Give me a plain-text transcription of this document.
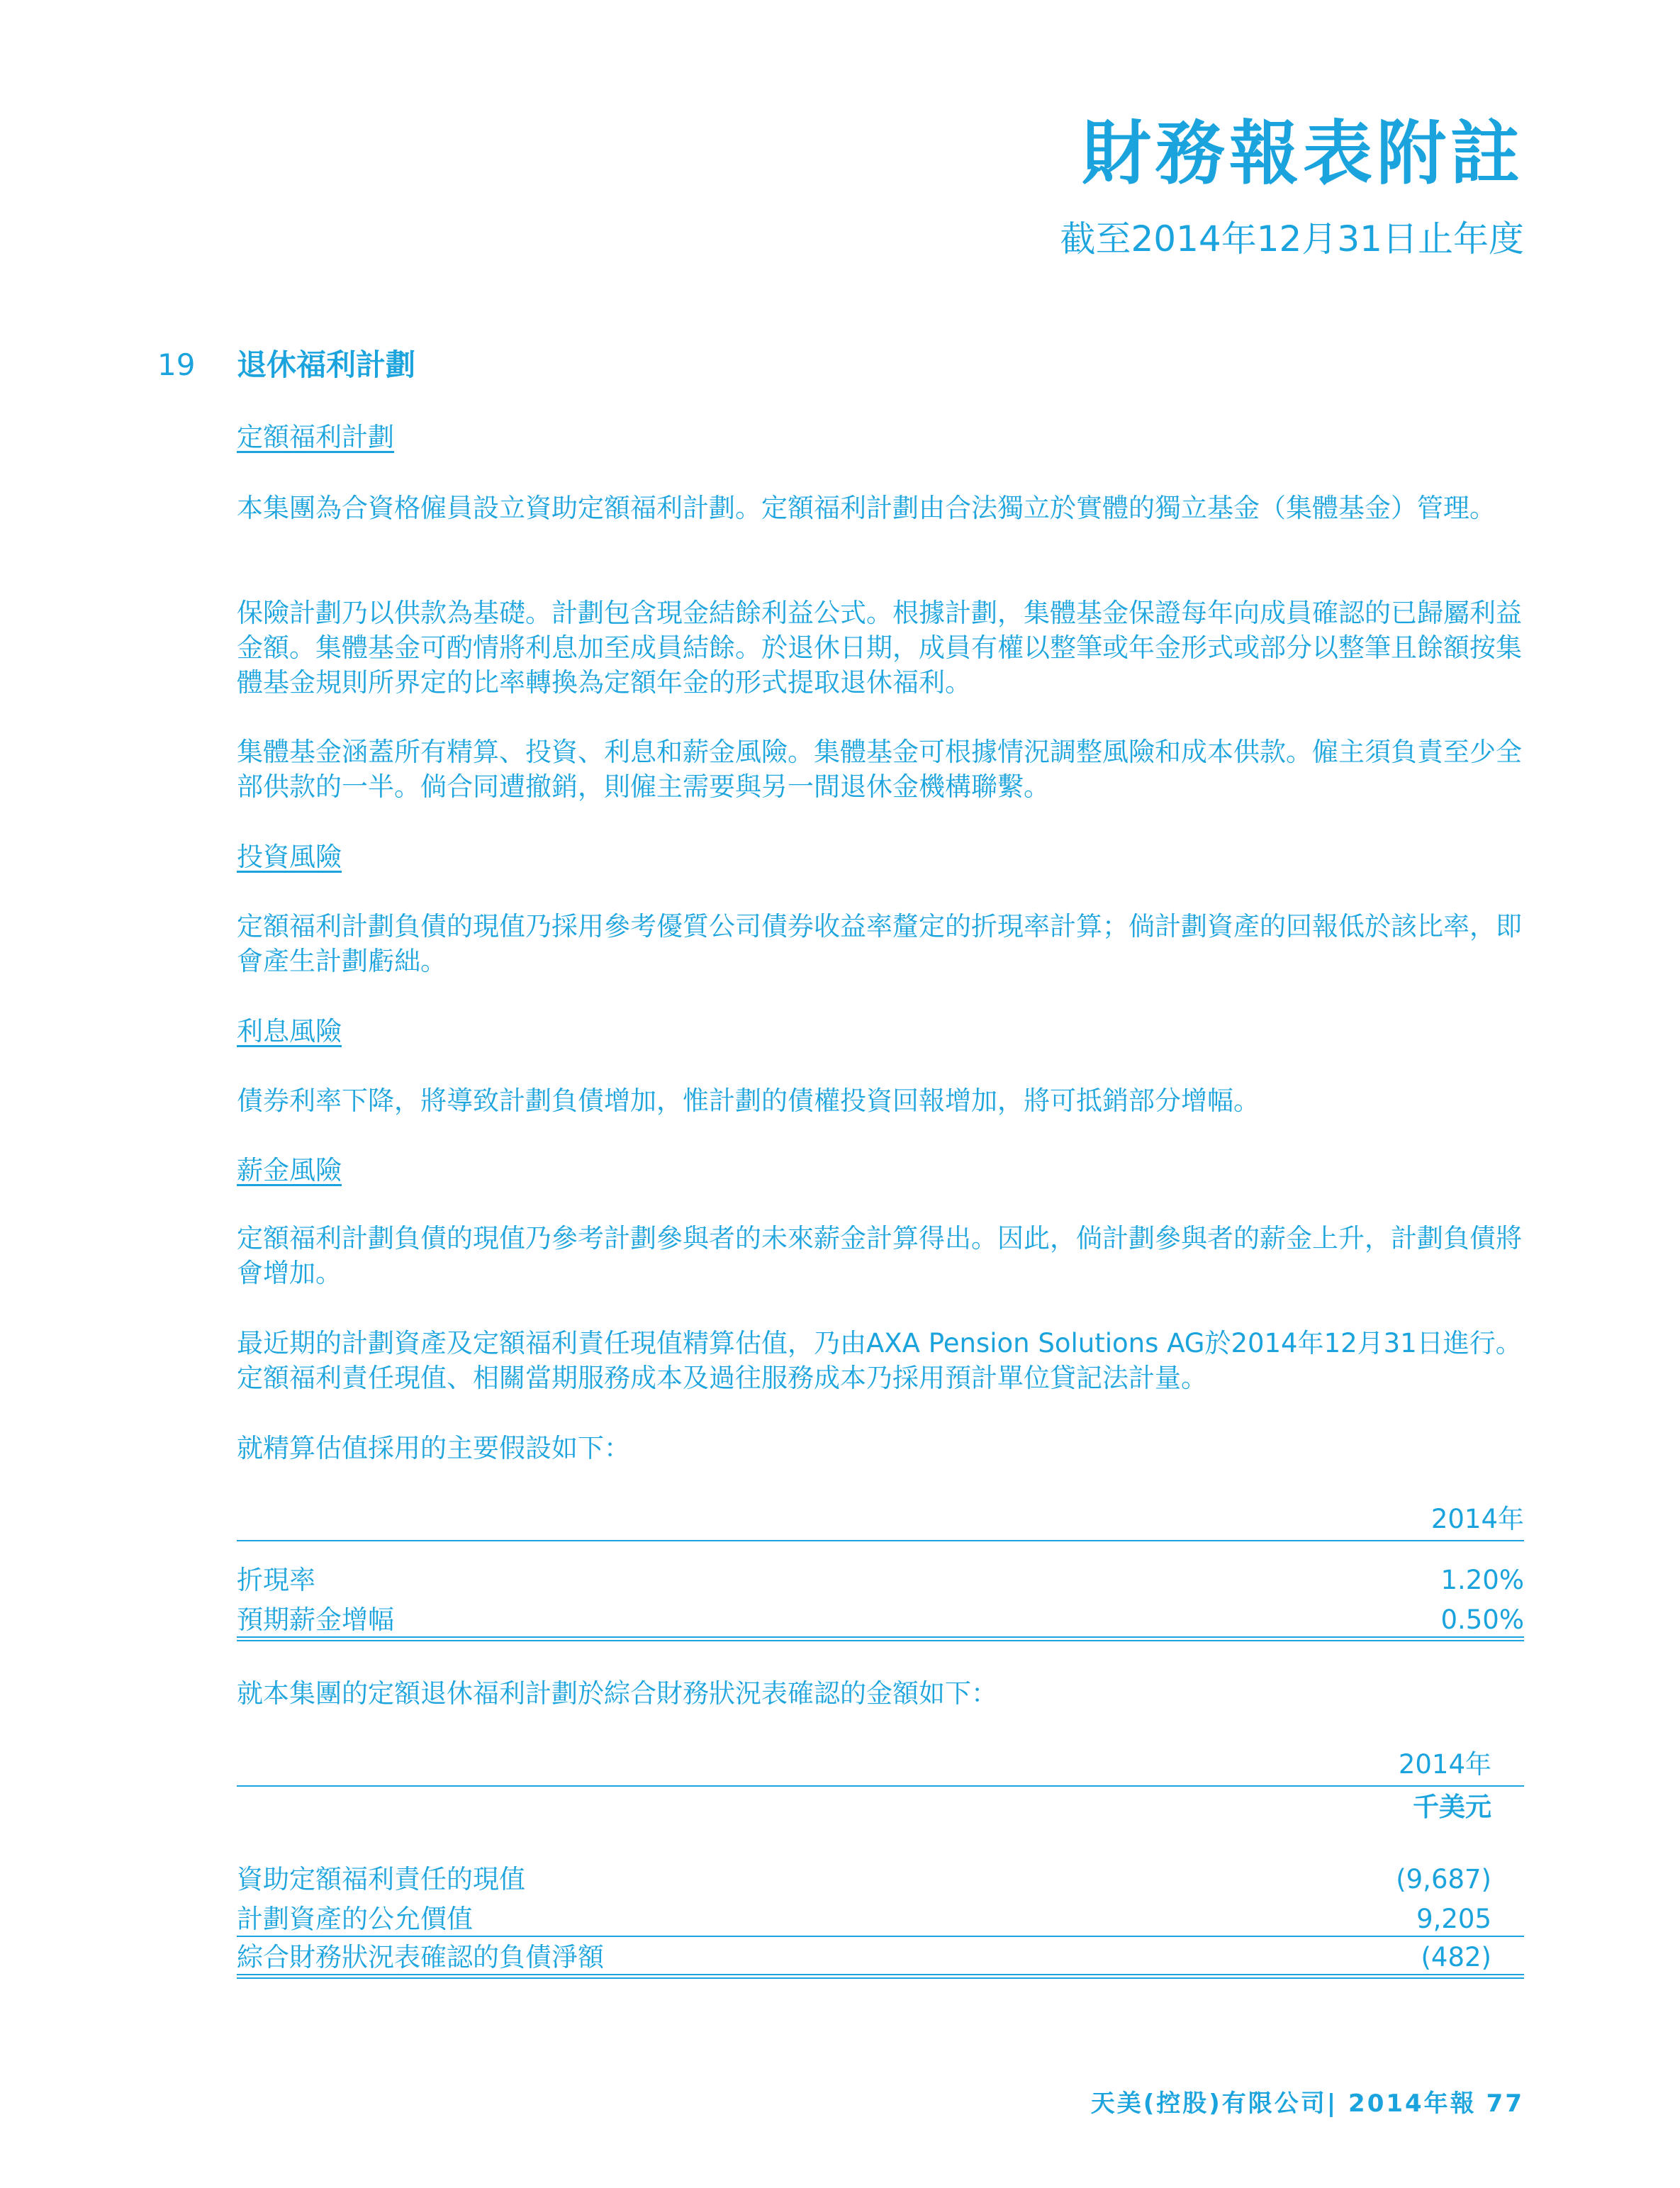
財務報表附註
截至2014年12月31日止年度
19 退休福利計劃
定額福利計劃

本集團為合資格僱員設立資助定額福利計劃。定額福利計劃由合法獨立於實體的獨立基金（集體基金）管理。

保險計劃乃以供款為基礎。計劃包含現金結餘利益公式。根據計劃，集體基金保證每年向成員確認的已歸屬利益金額。集體基金可酌情將利息加至成員結餘。於退休日期，成員有權以整筆或年金形式或部分以整筆且餘額按集體基金規則所界定的比率轉換為定額年金的形式提取退休福利。

集體基金涵蓋所有精算、投資、利息和薪金風險。集體基金可根據情況調整風險和成本供款。僱主須負責至少全部供款的一半。倘合同遭撤銷，則僱主需要與另一間退休金機構聯繫。

投資風險

定額福利計劃負債的現值乃採用參考優質公司債券收益率釐定的折現率計算；倘計劃資產的回報低於該比率，即會產生計劃虧絀。

利息風險

債券利率下降，將導致計劃負債增加，惟計劃的債權投資回報增加，將可抵銷部分增幅。

薪金風險

定額福利計劃負債的現值乃參考計劃參與者的未來薪金計算得出。因此，倘計劃參與者的薪金上升，計劃負債將會增加。

最近期的計劃資產及定額福利責任現值精算估值，乃由AXA Pension Solutions AG於2014年12月31日進行。定額福利責任現值、相關當期服務成本及過往服務成本乃採用預計單位貸記法計量。

就精算估值採用的主要假設如下：

2014年
折現率	1.20%
預期薪金增幅	0.50%

就本集團的定額退休福利計劃於綜合財務狀況表確認的金額如下：

2014年
千美元
資助定額福利責任的現值	(9,687)
計劃資產的公允價值	9,205
綜合財務狀況表確認的負債淨額	(482)
天美(控股)有限公司| 2014年報 77
